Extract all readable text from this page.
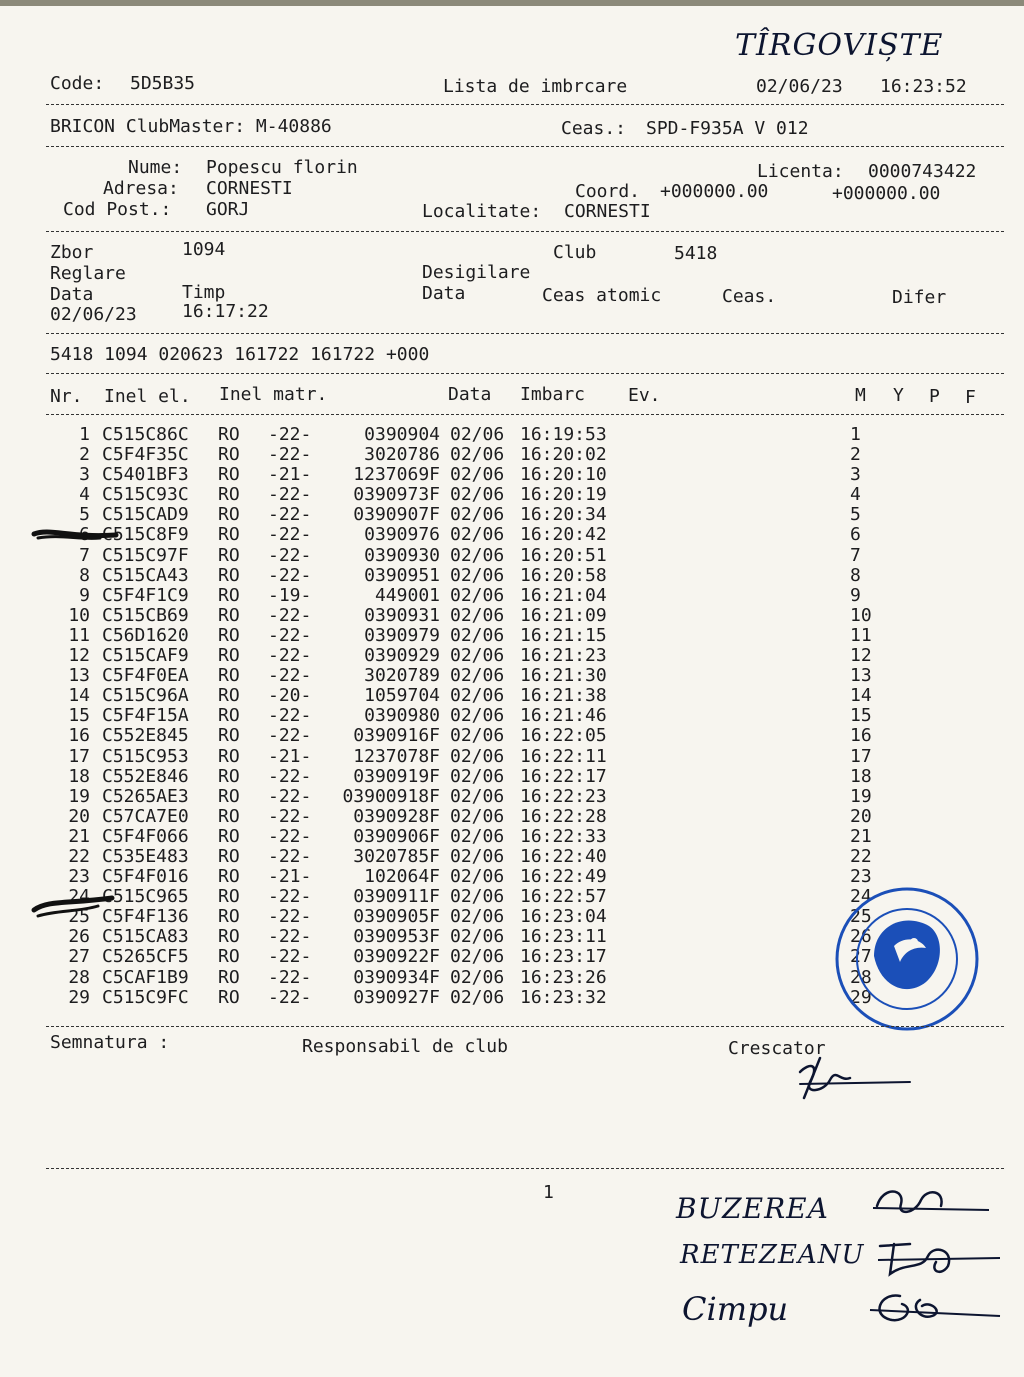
TÎRGOVIȘTE
Code: 5D5B35	Lista de imbrcare	02/06/23 16:23:52
BRICON ClubMaster: M-40886	Ceas.: SPD-F935A V 012
Nume: Popescu florin	Licenta: 0000743422
Adresa: CORNESTI	Coord. +000000.00	+000000.00
Cod Post.: GORJ	Localitate: CORNESTI
Zbor	1094	Club	5418
Reglare	Desigilare
Data	Timp	Data	Ceas atomic	Ceas.	Difer
02/06/23	16:17:22
5418 1094 020623 161722 161722 +000
Nr. Inel el. Inel matr.	Data Imbarc Ev.	M Y P F
1	C515C86C	RO	-22-	0390904	02/06	16:19:53	1
2	C5F4F35C	RO	-22-	3020786	02/06	16:20:02	2
3	C5401BF3	RO	-21-	1237069F	02/06	16:20:10	3
4	C515C93C	RO	-22-	0390973F	02/06	16:20:19	4
5	C515CAD9	RO	-22-	0390907F	02/06	16:20:34	5
6	C515C8F9	RO	-22-	0390976	02/06	16:20:42	6
7	C515C97F	RO	-22-	0390930	02/06	16:20:51	7
8	C515CA43	RO	-22-	0390951	02/06	16:20:58	8
9	C5F4F1C9	RO	-19-	449001	02/06	16:21:04	9
10	C515CB69	RO	-22-	0390931	02/06	16:21:09	10
11	C56D1620	RO	-22-	0390979	02/06	16:21:15	11
12	C515CAF9	RO	-22-	0390929	02/06	16:21:23	12
13	C5F4F0EA	RO	-22-	3020789	02/06	16:21:30	13
14	C515C96A	RO	-20-	1059704	02/06	16:21:38	14
15	C5F4F15A	RO	-22-	0390980	02/06	16:21:46	15
16	C552E845	RO	-22-	0390916F	02/06	16:22:05	16
17	C515C953	RO	-21-	1237078F	02/06	16:22:11	17
18	C552E846	RO	-22-	0390919F	02/06	16:22:17	18
19	C5265AE3	RO	-22-	03900918F	02/06	16:22:23	19
20	C57CA7E0	RO	-22-	0390928F	02/06	16:22:28	20
21	C5F4F066	RO	-22-	0390906F	02/06	16:22:33	21
22	C535E483	RO	-22-	3020785F	02/06	16:22:40	22
23	C5F4F016	RO	-21-	102064F	02/06	16:22:49	23
24	C515C965	RO	-22-	0390911F	02/06	16:22:57	24
25	C5F4F136	RO	-22-	0390905F	02/06	16:23:04	25
26	C515CA83	RO	-22-	0390953F	02/06	16:23:11	26
27	C5265CF5	RO	-22-	0390922F	02/06	16:23:17	27
28	C5CAF1B9	RO	-22-	0390934F	02/06	16:23:26	28
29	C515C9FC	RO	-22-	0390927F	02/06	16:23:32	29
Semnatura :	Responsabil de club	Crescator
1	BUZEREA
RETEZEANU
Cimpu
